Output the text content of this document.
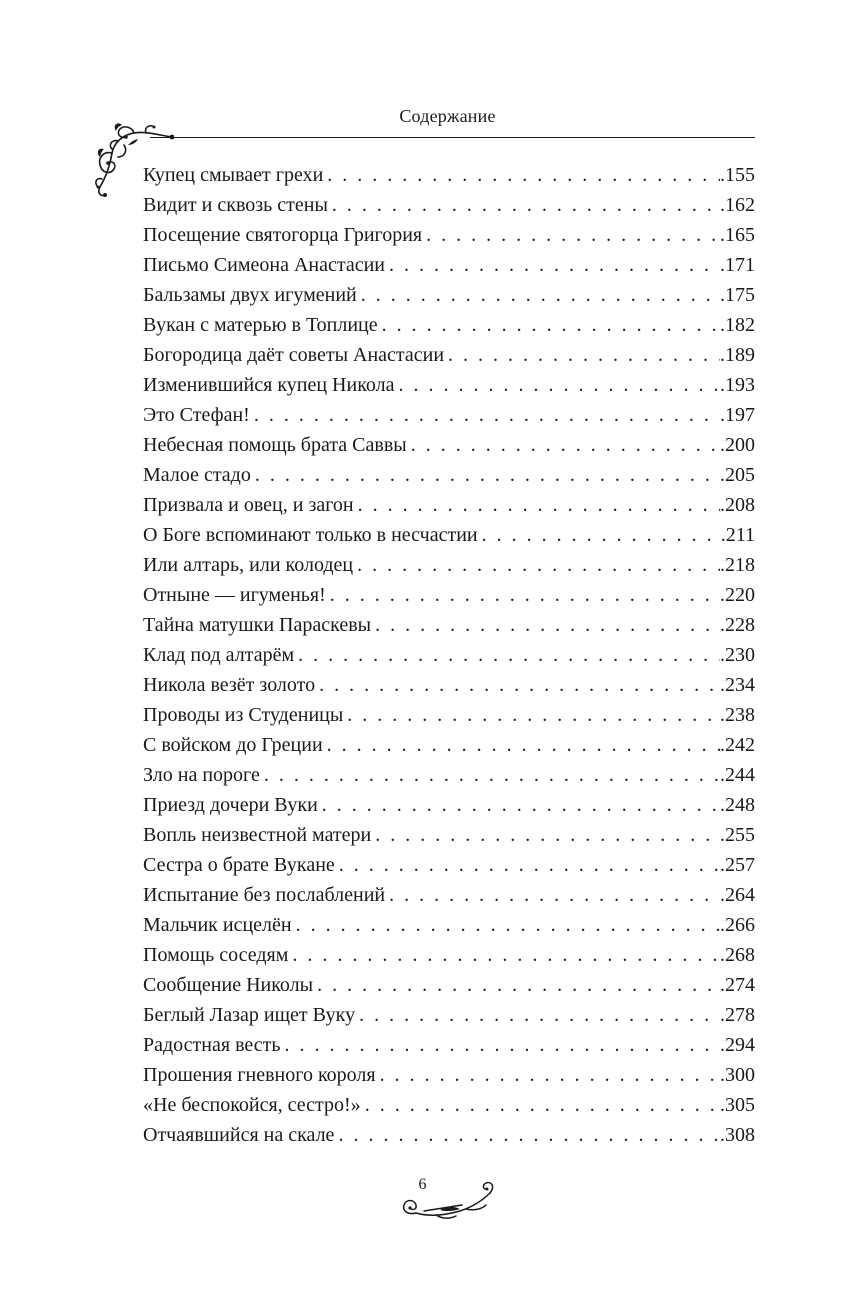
Содержание
Купец смывает грехи . . .	. 155
Видит и сквозь стены . . .	. 162
Посещение святогорца Григория . . .	. 165
Письмо Симеона Анастасии . . .	. 171
Бальзамы двух игумений . . .	. 175
Вукан с матерью в Топлице . . .	. 182
Богородица даёт советы Анастасии . . .	. 189
Изменившийся купец Никола . . .	. 193
Это Стефан! . . .	. 197
Небесная помощь брата Саввы . . .	. 200
Малое стадо . . .	. 205
Призвала и овец, и загон . . .	. 208
О Боге вспоминают только в несчастии . . .	. 211
Или алтарь, или колодец . . .	. 218
Отныне — игуменья! . . .	. 220
Тайна матушки Параскевы . . .	. 228
Клад под алтарём . . .	. 230
Никола везёт золото . . .	. 234
Проводы из Студеницы . . .	. 238
С войском до Греции . . .	. 242
Зло на пороге . . .	. 244
Приезд дочери Вуки . . .	. 248
Вопль неизвестной матери . . .	. 255
Сестра о брате Вукане . . .	. 257
Испытание без послаблений . . .	. 264
Мальчик исцелён . . .	. 266
Помощь соседям . . .	. 268
Сообщение Николы . . .	. 274
Беглый Лазар ищет Вуку . . .	. 278
Радостная весть . . .	. 294
Прошения гневного короля . . .	. 300
«Не беспокойся, сестро!» . . .	. 305
Отчаявшийся на скале . . .	. 308
6
